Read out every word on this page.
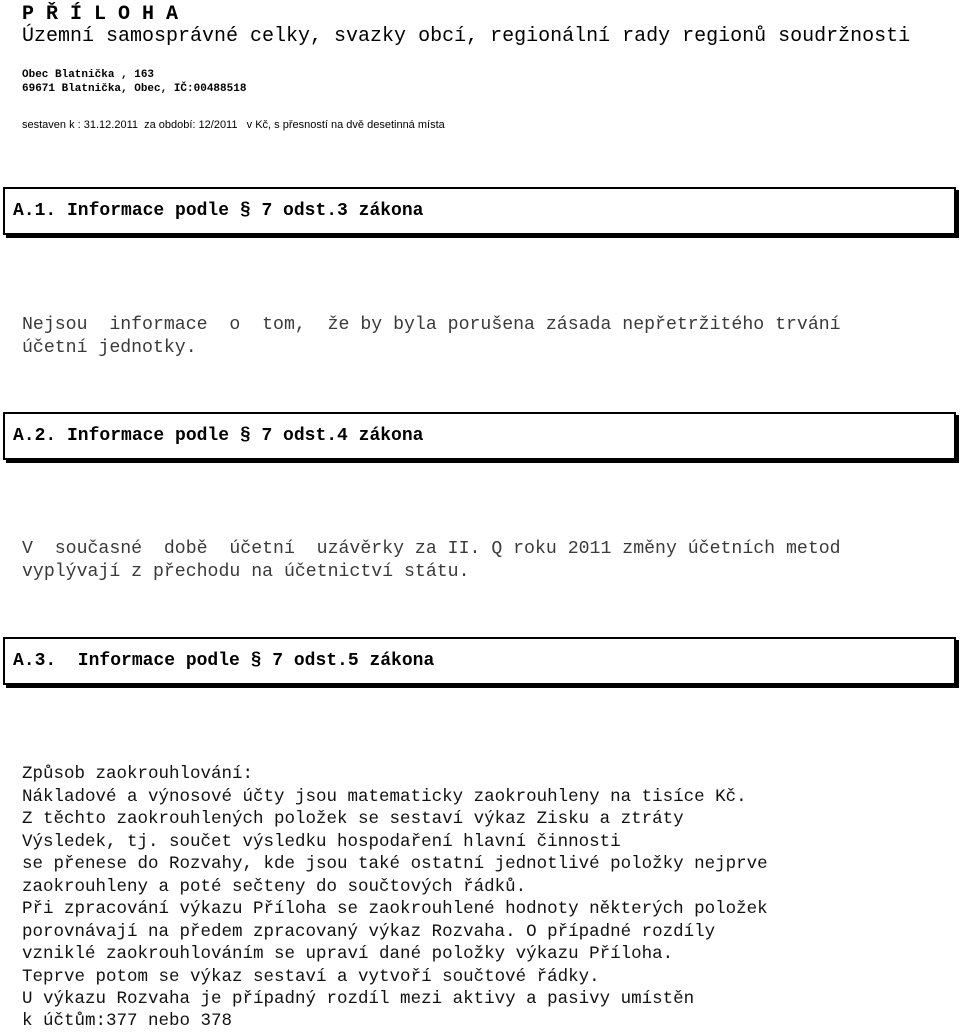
P Ř Í L O H A
Územní samosprávné celky, svazky obcí, regionální rady regionů soudržnosti
Obec Blatnička , 163
69671 Blatnička, Obec, IČ:00488518
sestaven k : 31.12.2011  za období: 12/2011   v Kč, s přesností na dvě desetinná místa
A.1. Informace podle § 7 odst.3 zákona
Nejsou  informace  o  tom,  že by byla porušena zásada nepřetržitého trvání
účetní jednotky.
A.2. Informace podle § 7 odst.4 zákona
V  současné  době  účetní  uzávěrky za II. Q roku 2011 změny účetních metod
vyplývají z přechodu na účetnictví státu.
A.3.  Informace podle § 7 odst.5 zákona
Způsob zaokrouhlování:
Nákladové a výnosové účty jsou matematicky zaokrouhleny na tisíce Kč.
Z těchto zaokrouhlených položek se sestaví výkaz Zisku a ztráty
Výsledek, tj. součet výsledku hospodaření hlavní činnosti
se přenese do Rozvahy, kde jsou také ostatní jednotlivé položky nejprve
zaokrouhleny a poté sečteny do součtových řádků.
Při zpracování výkazu Příloha se zaokrouhlené hodnoty některých položek
porovnávají na předem zpracovaný výkaz Rozvaha. O případné rozdíly
vzniklé zaokrouhlováním se upraví dané položky výkazu Příloha.
Teprve potom se výkaz sestaví a vytvoří součtové řádky.
U výkazu Rozvaha je případný rozdíl mezi aktivy a pasivy umístěn
k účtům:377 nebo 378
